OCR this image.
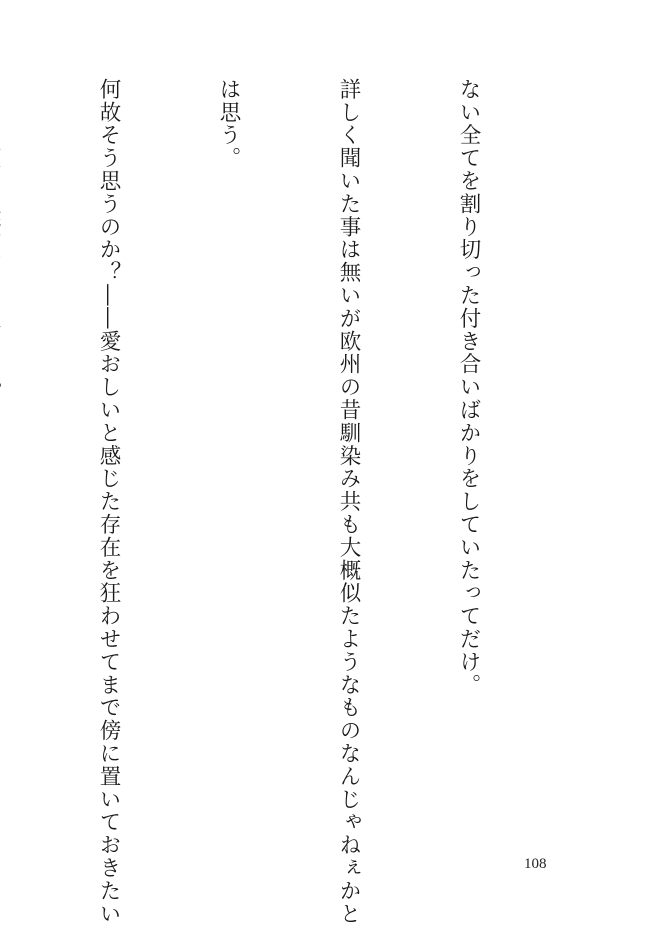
ない全てを割り切った付き合いばかりをしていたってだけ。

詳しく聞いた事は無いが欧州の昔馴染み共も大概似たようなものなんじゃねぇかと

は思う。

何故そう思うのか？――愛おしいと感じた存在を狂わせてまで傍に置いておきたい

	108
